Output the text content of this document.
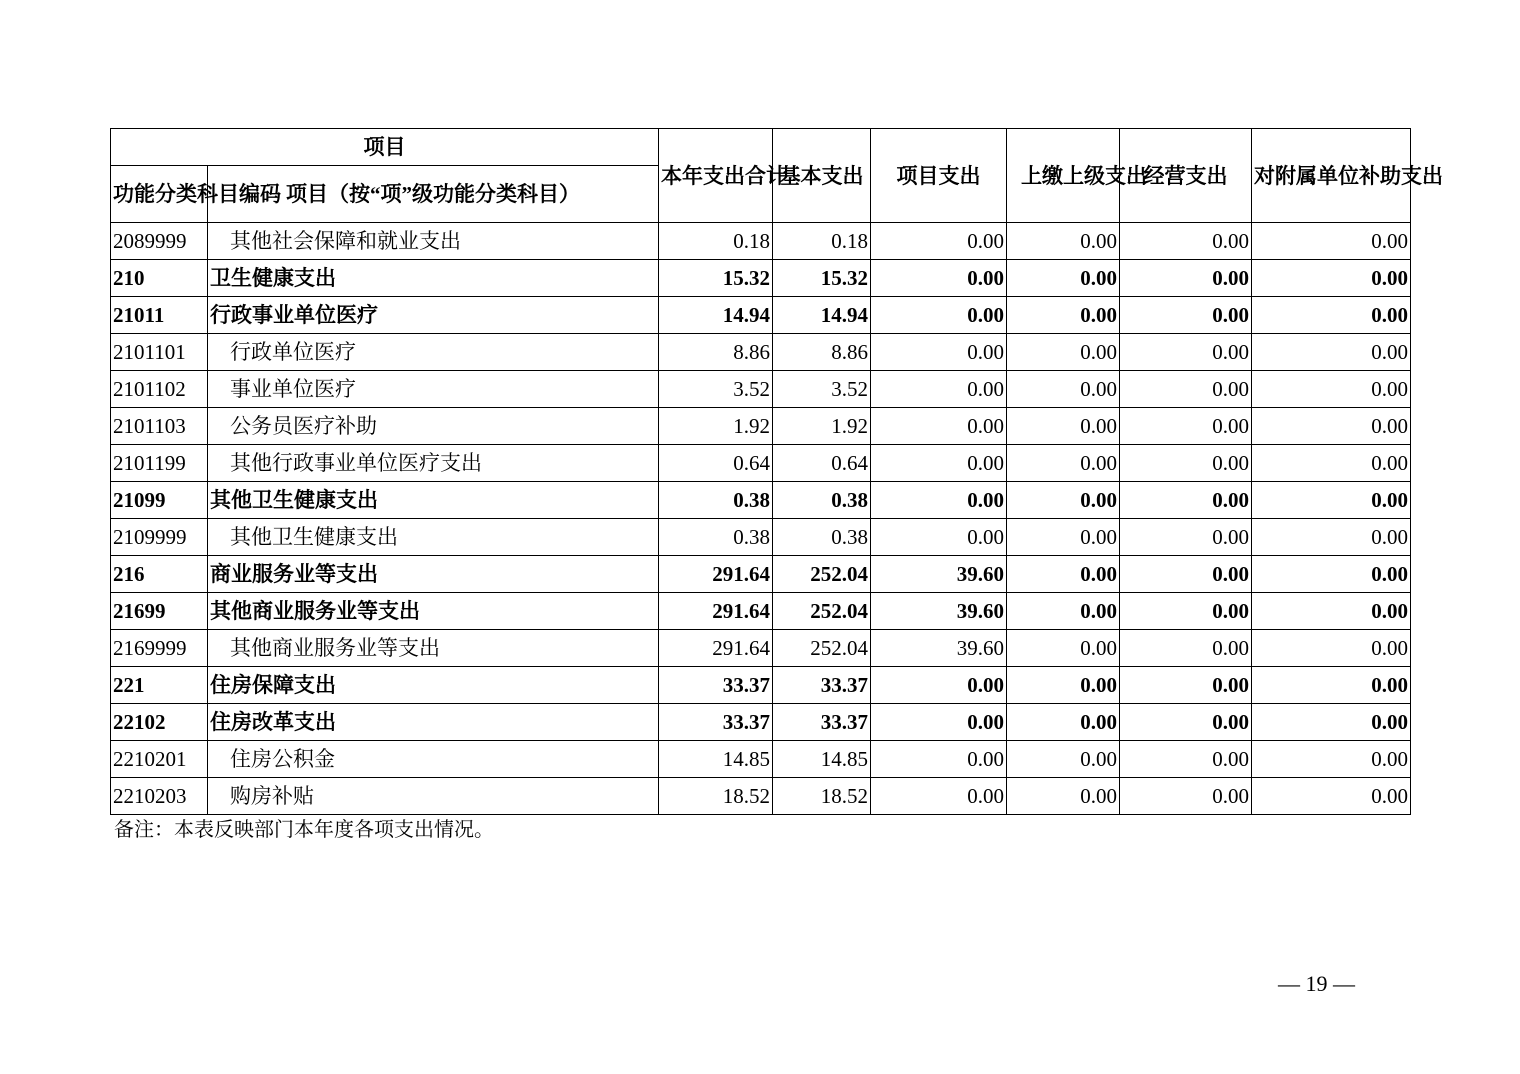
项目		本年支出合计	基本支出	项目支出	上缴上级支出	经营支出	对附属单位补助支出
功能分类科目编码	项目（按“项”级功能分类科目）						
2089999	其他社会保障和就业支出	0.18	0.18	0.00	0.00	0.00	0.00
210	卫生健康支出	15.32	15.32	0.00	0.00	0.00	0.00
21011	行政事业单位医疗	14.94	14.94	0.00	0.00	0.00	0.00
2101101	行政单位医疗	8.86	8.86	0.00	0.00	0.00	0.00
2101102	事业单位医疗	3.52	3.52	0.00	0.00	0.00	0.00
2101103	公务员医疗补助	1.92	1.92	0.00	0.00	0.00	0.00
2101199	其他行政事业单位医疗支出	0.64	0.64	0.00	0.00	0.00	0.00
21099	其他卫生健康支出	0.38	0.38	0.00	0.00	0.00	0.00
2109999	其他卫生健康支出	0.38	0.38	0.00	0.00	0.00	0.00
216	商业服务业等支出	291.64	252.04	39.60	0.00	0.00	0.00
21699	其他商业服务业等支出	291.64	252.04	39.60	0.00	0.00	0.00
2169999	其他商业服务业等支出	291.64	252.04	39.60	0.00	0.00	0.00
221	住房保障支出	33.37	33.37	0.00	0.00	0.00	0.00
22102	住房改革支出	33.37	33.37	0.00	0.00	0.00	0.00
2210201	住房公积金	14.85	14.85	0.00	0.00	0.00	0.00
2210203	购房补贴	18.52	18.52	0.00	0.00	0.00	0.00
备注：本表反映部门本年度各项支出情况。
— 19 —
